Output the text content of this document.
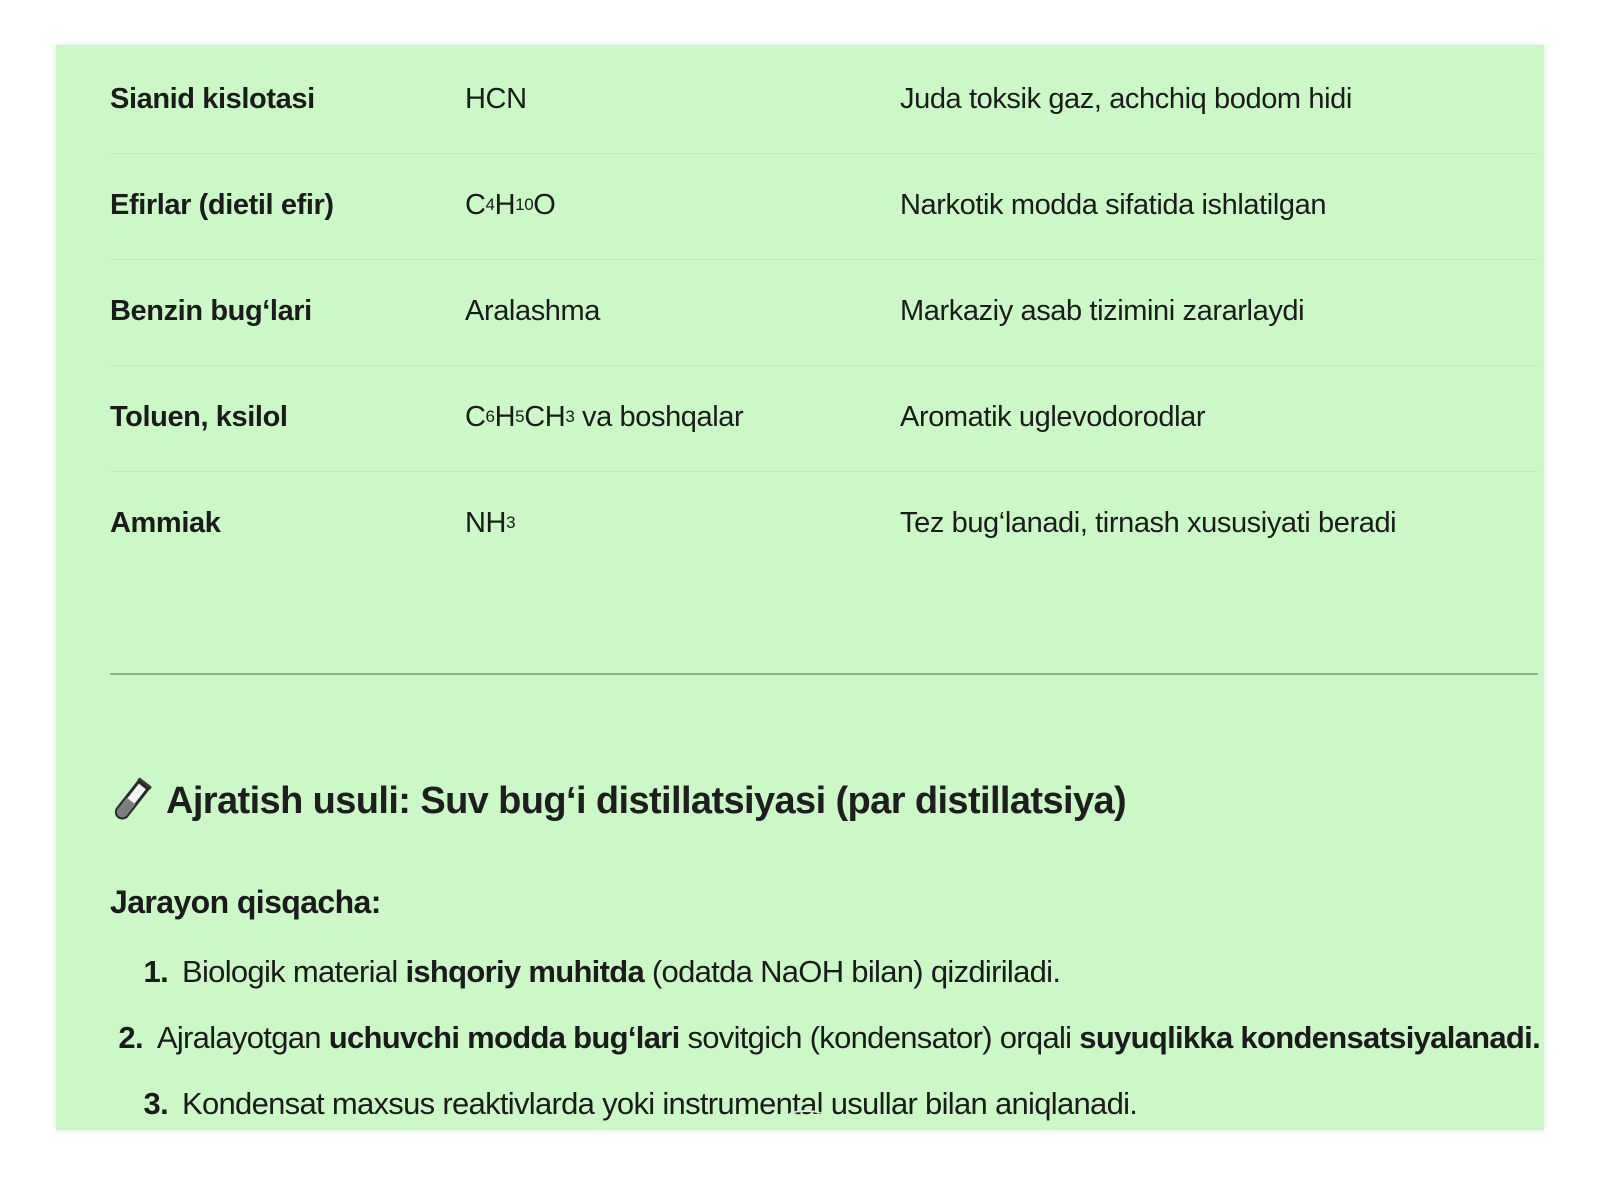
Sianid kislotasi	HCN	Juda toksik gaz, achchiq bodom hidi
Efirlar (dietil efir)	C 4 H 10 O	Narkotik modda sifatida ishlatilgan
Benzin bug‘lari	Aralashma	Markaziy asab tizimini zararlaydi
Toluen, ksilol	C 6 H 5 CH 3 va boshqalar	Aromatik uglevodorodlar
Ammiak	NH 3	Tez bug‘lanadi, tirnash xususiyati beradi
Ajratish usuli: Suv bug‘i distillatsiyasi (par distillatsiya)
Jarayon qisqacha:
1. Biologik material ishqoriy muhitda (odatda NaOH bilan) qizdiriladi.
2. Ajralayotgan uchuvchi modda bug‘lari sovitgich (kondensator) orqali suyuqlikka kondensatsiyalanadi.
3. Kondensat maxsus reaktivlarda yoki instrumental usullar bilan aniqlanadi.
